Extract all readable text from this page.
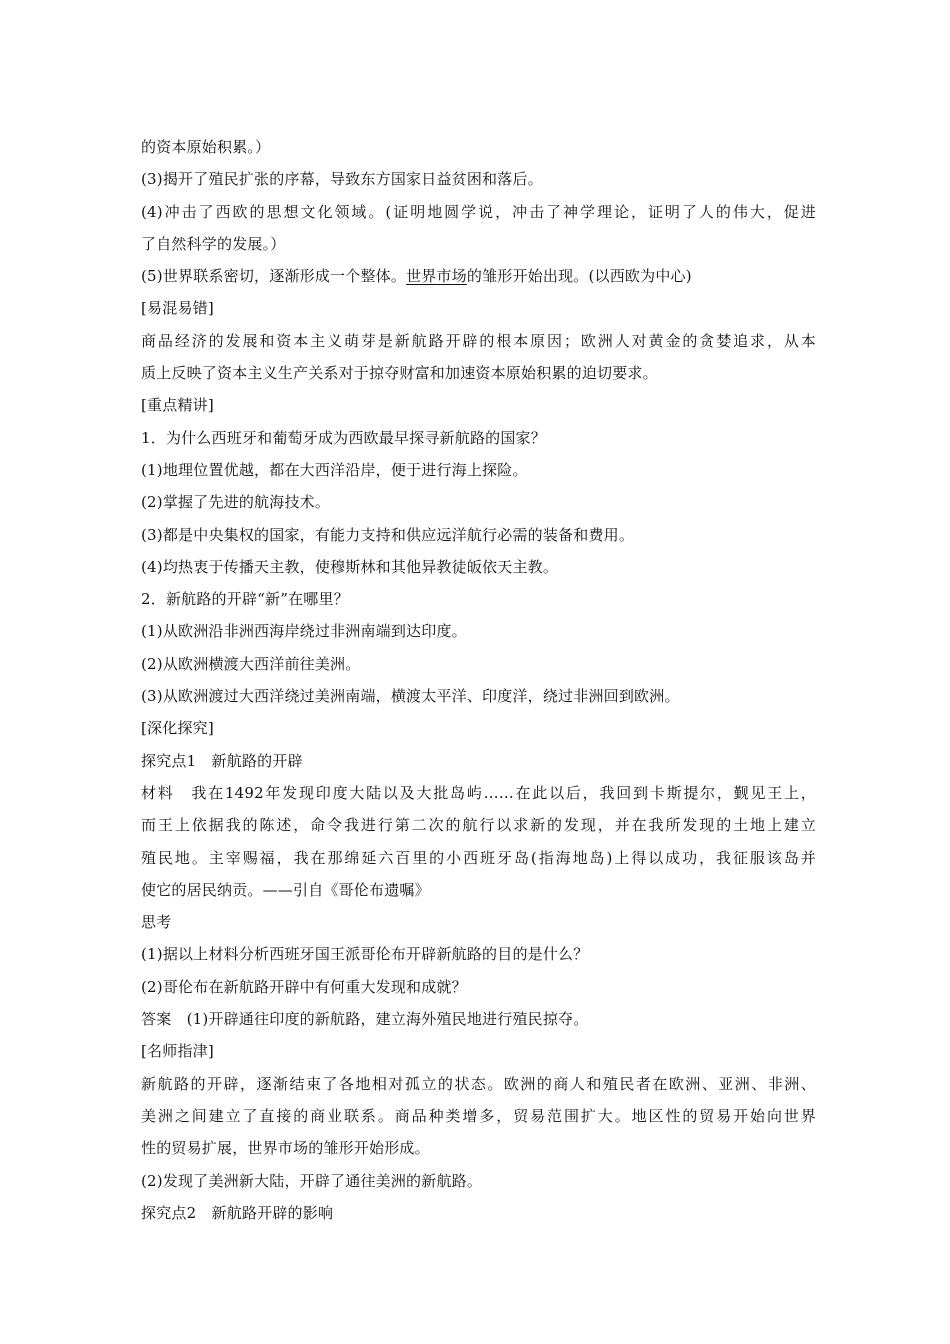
的资本原始积累。）
(3)揭开了殖民扩张的序幕，导致东方国家日益贫困和落后。
(4)冲击了西欧的思想文化领域。(证明地圆学说，冲击了神学理论，证明了人的伟大，促进
了自然科学的发展。）
(5)世界联系密切，逐渐形成一个整体。世界市场的雏形开始出现。(以西欧为中心)
[易混易错]
商品经济的发展和资本主义萌芽是新航路开辟的根本原因；欧洲人对黄金的贪婪追求，从本
质上反映了资本主义生产关系对于掠夺财富和加速资本原始积累的迫切要求。
[重点精讲]
1．为什么西班牙和葡萄牙成为西欧最早探寻新航路的国家？
(1)地理位置优越，都在大西洋沿岸，便于进行海上探险。
(2)掌握了先进的航海技术。
(3)都是中央集权的国家，有能力支持和供应远洋航行必需的装备和费用。
(4)均热衷于传播天主教，使穆斯林和其他异教徒皈依天主教。
2．新航路的开辟“新”在哪里？
(1)从欧洲沿非洲西海岸绕过非洲南端到达印度。
(2)从欧洲横渡大西洋前往美洲。
(3)从欧洲渡过大西洋绕过美洲南端，横渡太平洋、印度洋，绕过非洲回到欧洲。
[深化探究]
探究点1　新航路的开辟
材料　我在1492年发现印度大陆以及大批岛屿……在此以后，我回到卡斯提尔，觐见王上，
而王上依据我的陈述，命令我进行第二次的航行以求新的发现，并在我所发现的土地上建立
殖民地。主宰赐福，我在那绵延六百里的小西班牙岛(指海地岛)上得以成功，我征服该岛并
使它的居民纳贡。——引自《哥伦布遗嘱》
思考
(1)据以上材料分析西班牙国王派哥伦布开辟新航路的目的是什么？
(2)哥伦布在新航路开辟中有何重大发现和成就？
答案　(1)开辟通往印度的新航路，建立海外殖民地进行殖民掠夺。
[名师指津]
新航路的开辟，逐渐结束了各地相对孤立的状态。欧洲的商人和殖民者在欧洲、亚洲、非洲、
美洲之间建立了直接的商业联系。商品种类增多，贸易范围扩大。地区性的贸易开始向世界
性的贸易扩展，世界市场的雏形开始形成。
(2)发现了美洲新大陆，开辟了通往美洲的新航路。
探究点2　新航路开辟的影响
